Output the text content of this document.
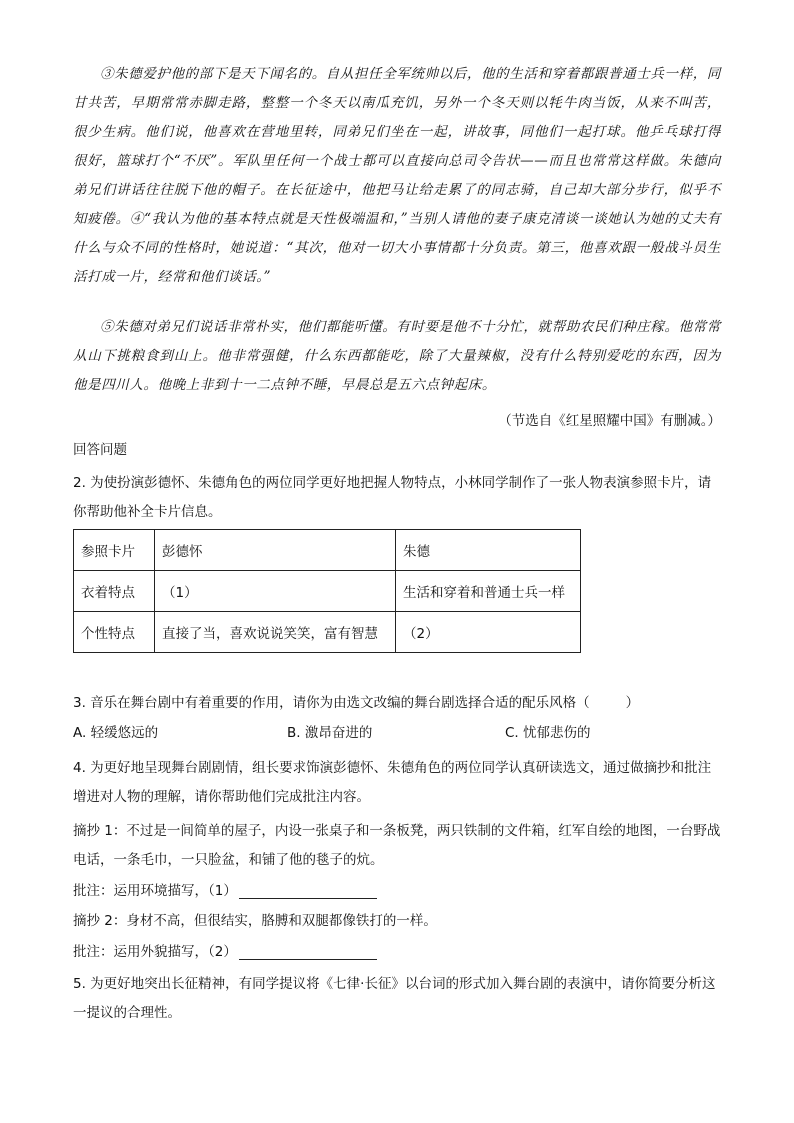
③朱德爱护他的部下是天下闻名的。自从担任全军统帅以后，他的生活和穿着都跟普通士兵一样，同甘共苦，早期常常赤脚走路，整整一个冬天以南瓜充饥，另外一个冬天则以牦牛肉当饭，从来不叫苦，很少生病。他们说，他喜欢在营地里转，同弟兄们坐在一起，讲故事，同他们一起打球。他乒乓球打得很好，篮球打个“不厌”。军队里任何一个战士都可以直接向总司令告状——而且也常常这样做。朱德向弟兄们讲话往往脱下他的帽子。在长征途中，他把马让给走累了的同志骑，自己却大部分步行，似乎不知疲倦。④“我认为他的基本特点就是天性极端温和，”当别人请他的妻子康克清谈一谈她认为她的丈夫有什么与众不同的性格时，她说道：“其次，他对一切大小事情都十分负责。第三，他喜欢跟一般战斗员生活打成一片，经常和他们谈话。”

⑤朱德对弟兄们说话非常朴实，他们都能听懂。有时要是他不十分忙，就帮助农民们种庄稼。他常常从山下挑粮食到山上。他非常强健，什么东西都能吃，除了大量辣椒，没有什么特别爱吃的东西，因为他是四川人。他晚上非到十一二点钟不睡，早晨总是五六点钟起床。

（节选自《红星照耀中国》有删减。）

回答问题

2. 为使扮演彭德怀、朱德角色的两位同学更好地把握人物特点，小林同学制作了一张人物表演参照卡片，请你帮助他补全卡片信息。

参照卡片	彭德怀	朱德
衣着特点	（1）	生活和穿着和普通士兵一样
个性特点	直接了当，喜欢说说笑笑，富有智慧	（2）

3. 音乐在舞台剧中有着重要的作用，请你为由选文改编的舞台剧选择合适的配乐风格（	）

A. 轻缓悠远的	B. 激昂奋进的	C. 忧郁悲伤的

4. 为更好地呈现舞台剧剧情，组长要求饰演彭德怀、朱德角色的两位同学认真研读选文，通过做摘抄和批注增进对人物的理解，请你帮助他们完成批注内容。

摘抄 1：不过是一间简单的屋子，内设一张桌子和一条板凳，两只铁制的文件箱，红军自绘的地图，一台野战电话，一条毛巾，一只脸盆，和铺了他的毯子的炕。

批注：运用环境描写，（1）

摘抄 2：身材不高，但很结实，胳膊和双腿都像铁打的一样。

批注：运用外貌描写，（2）

5. 为更好地突出长征精神，有同学提议将《七律·长征》以台词的形式加入舞台剧的表演中，请你简要分析这一提议的合理性。
